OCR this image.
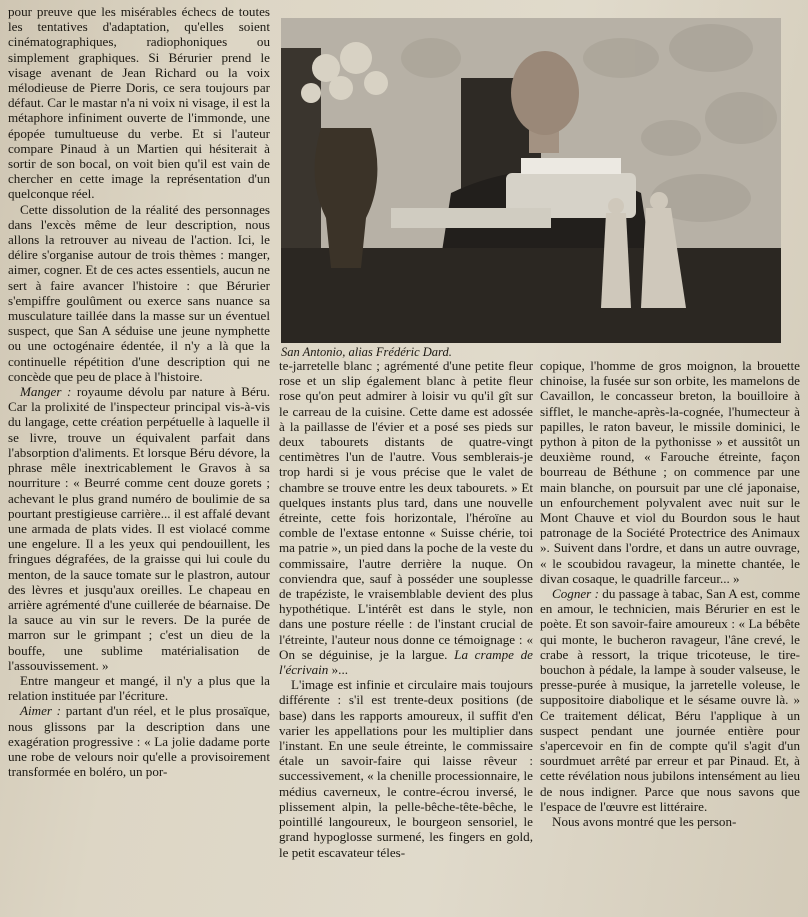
pour preuve que les misérables échecs de toutes les tentatives d'adaptation, qu'elles soient cinématographiques, radiophoniques ou simplement graphiques. Si Bérurier prend le visage avenant de Jean Richard ou la voix mélodieuse de Pierre Doris, ce sera toujours par défaut. Car le mastar n'a ni voix ni visage, il est la métaphore infiniment ouverte de l'immonde, une épopée tumultueuse du verbe. Et si l'auteur compare Pinaud à un Martien qui hésiterait à sortir de son bocal, on voit bien qu'il est vain de chercher en cette image la représentation d'un quelconque réel.

Cette dissolution de la réalité des personnages dans l'excès même de leur description, nous allons la retrouver au niveau de l'action. Ici, le délire s'organise autour de trois thèmes : manger, aimer, cogner. Et de ces actes essentiels, aucun ne sert à faire avancer l'histoire : que Bérurier s'empiffre goulûment ou exerce sans nuance sa musculature taillée dans la masse sur un éventuel suspect, que San A séduise une jeune nymphette ou une octogénaire édentée, il n'y a là que la continuelle répétition d'une description qui ne concède que peu de place à l'histoire.

Manger : royaume dévolu par nature à Béru. Car la prolixité de l'inspecteur principal vis-à-vis du langage, cette création perpétuelle à laquelle il se livre, trouve un équivalent parfait dans l'absorption d'aliments. Et lorsque Béru dévore, la phrase mêle inextricablement le Gravos à sa nourriture : « Beurré comme cent douze gorets ; achevant le plus grand numéro de boulimie de sa pourtant prestigieuse carrière... il est affalé devant une armada de plats vides. Il est violacé comme une engelure. Il a les yeux qui pendouillent, les fringues dégrafées, de la graisse qui lui coule du menton, de la sauce tomate sur le plastron, autour des lèvres et jusqu'aux oreilles. Le chapeau en arrière agrémenté d'une cuillerée de béarnaise. De la sauce au vin sur le revers. De la purée de marron sur le grimpant ; c'est un dieu de la bouffe, une sublime matérialisation de l'assouvissement. »

Entre mangeur et mangé, il n'y a plus que la relation instituée par l'écriture.

Aimer : partant d'un réel, et le plus prosaïque, nous glissons par la description dans une exagération progressive : « La jolie dadame porte une robe de velours noir qu'elle a provisoirement transformée en boléro, un por-

San Antonio, alias Frédéric Dard.

te-jarretelle blanc ; agrémenté d'une petite fleur rose et un slip également blanc à petite fleur rose qu'on peut admirer à loisir vu qu'il gît sur le carreau de la cuisine. Cette dame est adossée à la paillasse de l'évier et a posé ses pieds sur deux tabourets distants de quatre-vingt centimètres l'un de l'autre. Vous semblerais-je trop hardi si je vous précise que le valet de chambre se trouve entre les deux tabourets. » Et quelques instants plus tard, dans une nouvelle étreinte, cette fois horizontale, l'héroïne au comble de l'extase entonne « Suisse chérie, toi ma patrie », un pied dans la poche de la veste du commissaire, l'autre derrière la nuque. On conviendra que, sauf à posséder une souplesse de trapéziste, le vraisemblable devient des plus hypothétique. L'intérêt est dans le style, non dans une posture réelle : de l'instant crucial de l'étreinte, l'auteur nous donne ce témoignage : « On se déguinise, je la largue. La crampe de l'écrivain »...

L'image est infinie et circulaire mais toujours différente : s'il est trente-deux positions (de base) dans les rapports amoureux, il suffit d'en varier les appellations pour les multiplier dans l'instant. En une seule étreinte, le commissaire étale un savoir-faire qui laisse rêveur : successivement, « la chenille processionnaire, le médius caverneux, le contre-écrou inversé, le plissement alpin, la pelle-bêche-tête-bêche, le pointillé langoureux, le bourgeon sensoriel, le grand hypoglosse surmené, les fingers en gold, le petit escavateur téles-

copique, l'homme de gros moignon, la brouette chinoise, la fusée sur son orbite, les mamelons de Cavaillon, le concasseur breton, la bouilloire à sifflet, le manche-après-la-cognée, l'humecteur à papilles, le raton baveur, le missile dominici, le python à piton de la pythonisse » et aussitôt un deuxième round, « Farouche étreinte, façon bourreau de Béthune ; on commence par une main blanche, on poursuit par une clé japonaise, un enfourchement polyvalent avec nuit sur le Mont Chauve et viol du Bourdon sous le haut patronage de la Société Protectrice des Animaux ». Suivent dans l'ordre, et dans un autre ouvrage, « le scoubidou ravageur, la minette chantée, le divan cosaque, le quadrille farceur... »

Cogner : du passage à tabac, San A est, comme en amour, le technicien, mais Bérurier en est le poète. Et son savoir-faire amoureux : « La bébête qui monte, le bucheron ravageur, l'âne crevé, le crabe à ressort, la trique tricoteuse, le tire-bouchon à pédale, la lampe à souder valseuse, le presse-purée à musique, la jarretelle voleuse, le suppositoire diabolique et le sésame ouvre là. » Ce traitement délicat, Béru l'applique à un suspect pendant une journée entière pour s'apercevoir en fin de compte qu'il s'agit d'un sourdmuet arrêté par erreur et par Pinaud. Et, à cette révélation nous jubilons intensément au lieu de nous indigner. Parce que nous savons que l'espace de l'œuvre est littéraire.

Nous avons montré que les person-
